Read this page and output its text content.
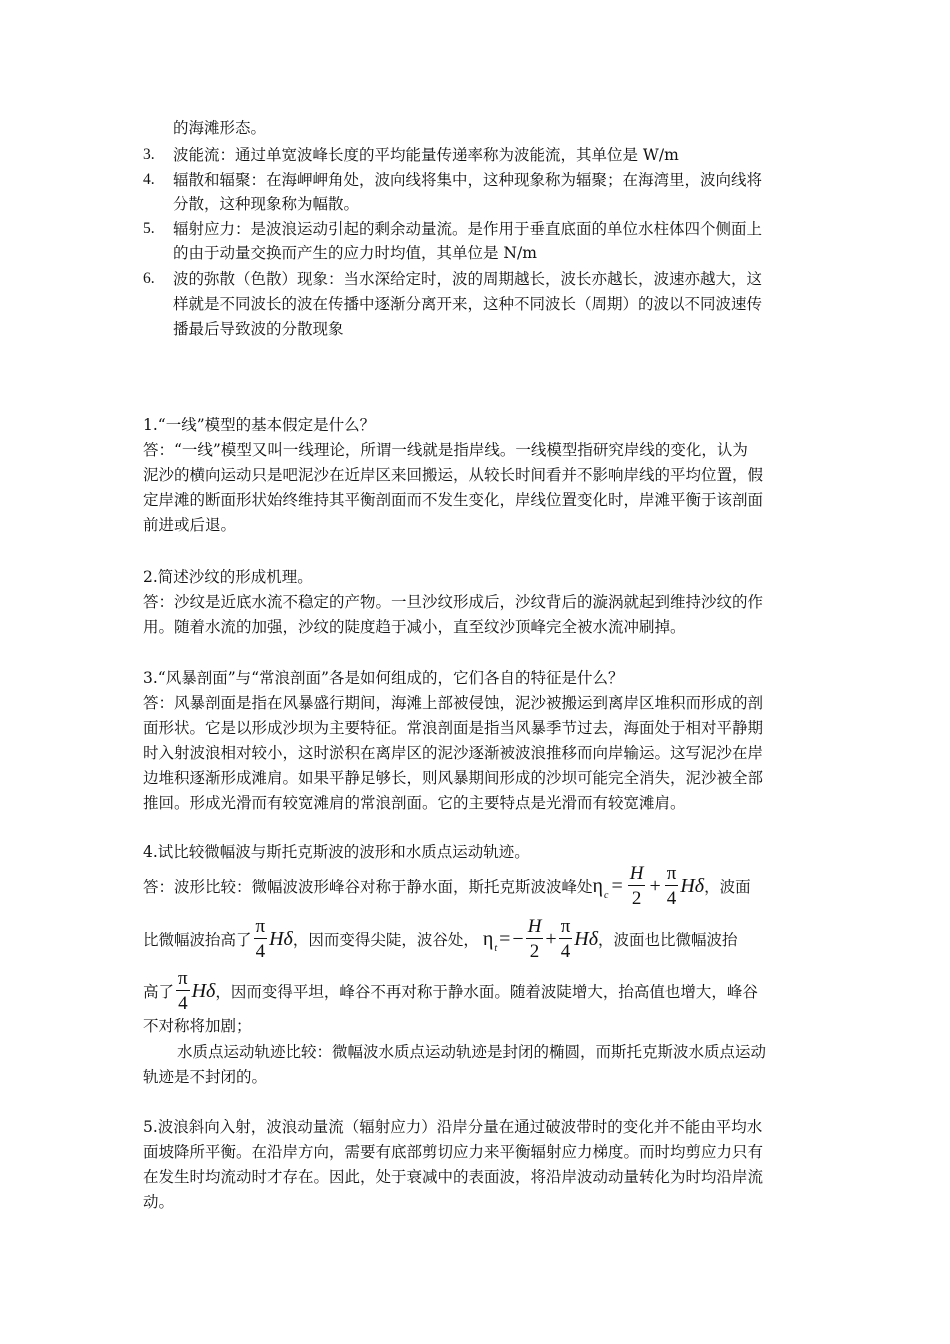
的海滩形态。
3. 波能流：通过单宽波峰长度的平均能量传递率称为波能流，其单位是 W/m
4. 辐散和辐聚：在海岬岬角处，波向线将集中，这种现象称为辐聚；在海湾里，波向线将
分散，这种现象称为幅散。
5. 辐射应力：是波浪运动引起的剩余动量流。是作用于垂直底面的单位水柱体四个侧面上
的由于动量交换而产生的应力时均值，其单位是 N/m
6. 波的弥散（色散）现象：当水深给定时，波的周期越长，波长亦越长，波速亦越大，这
样就是不同波长的波在传播中逐渐分离开来，这种不同波长（周期）的波以不同波速传
播最后导致波的分散现象
1.“一线”模型的基本假定是什么？
答：“一线”模型又叫一线理论，所谓一线就是指岸线。一线模型指研究岸线的变化，认为
泥沙的横向运动只是吧泥沙在近岸区来回搬运，从较长时间看并不影响岸线的平均位置，假
定岸滩的断面形状始终维持其平衡剖面而不发生变化，岸线位置变化时，岸滩平衡于该剖面
前进或后退。
2.简述沙纹的形成机理。
答：沙纹是近底水流不稳定的产物。一旦沙纹形成后，沙纹背后的漩涡就起到维持沙纹的作
用。随着水流的加强，沙纹的陡度趋于减小，直至纹沙顶峰完全被水流冲刷掉。
3.“风暴剖面”与“常浪剖面”各是如何组成的，它们各自的特征是什么？
答：风暴剖面是指在风暴盛行期间，海滩上部被侵蚀，泥沙被搬运到离岸区堆积而形成的剖
面形状。它是以形成沙坝为主要特征。常浪剖面是指当风暴季节过去，海面处于相对平静期
时入射波浪相对较小，这时淤积在离岸区的泥沙逐渐被波浪推移而向岸输运。这写泥沙在岸
边堆积逐渐形成滩肩。如果平静足够长，则风暴期间形成的沙坝可能完全消失，泥沙被全部
推回。形成光滑而有较宽滩肩的常浪剖面。它的主要特点是光滑而有较宽滩肩。
4.试比较微幅波与斯托克斯波的波形和水质点运动轨迹。
答：波形比较：微幅波波形峰谷对称于静水面，斯托克斯波波峰处 η $c = \frac{H}{2} + \frac{\pi}{4}$ Hδ ，波面
比微幅波抬高了 $\frac{\pi}{4}$ Hδ ，因而变得尖陡，波谷处， η t = − $\frac{H}{2} + \frac{\pi}{4}$ Hδ ，波面也比微幅波抬
高了 $\frac{\pi}{4}$ Hδ ，因而变得平坦，峰谷不再对称于静水面。随着波陡增大，抬高值也增大，峰谷
不对称将加剧；
水质点运动轨迹比较：微幅波水质点运动轨迹是封闭的椭圆，而斯托克斯波水质点运动
轨迹是不封闭的。
5.波浪斜向入射，波浪动量流（辐射应力）沿岸分量在通过破波带时的变化并不能由平均水
面坡降所平衡。在沿岸方向，需要有底部剪切应力来平衡辐射应力梯度。而时均剪应力只有
在发生时均流动时才存在。因此，处于衰减中的表面波，将沿岸波动动量转化为时均沿岸流
动。
